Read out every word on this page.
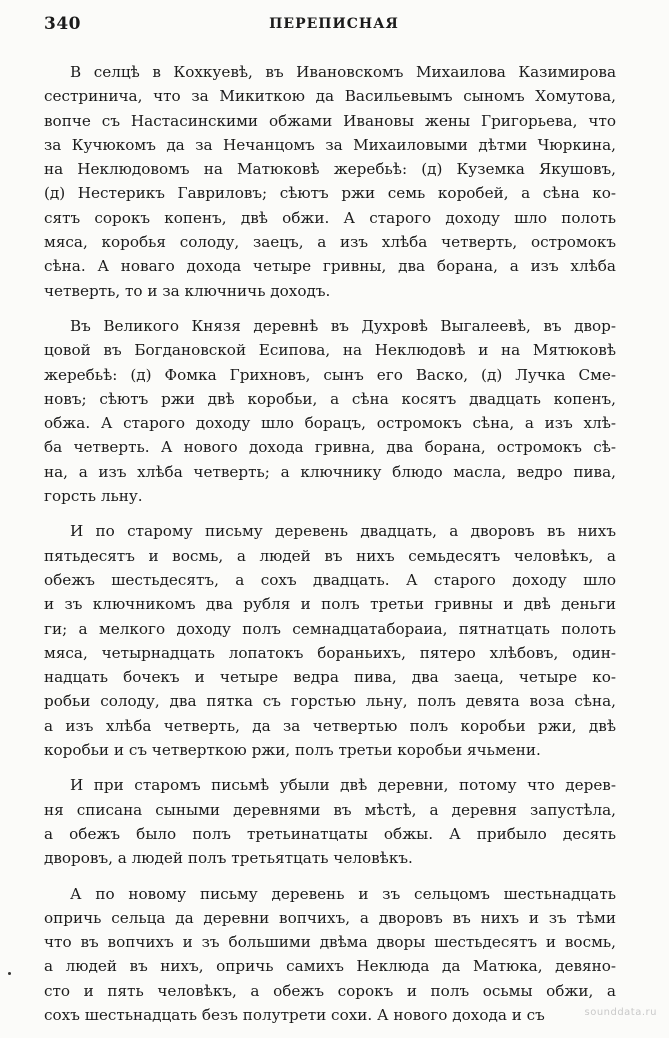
340	ПЕРЕПИСНАЯ
В селцѣ в Кохкуевѣ, въ Ивановскомъ Михаилова Казимирова
сестринича, что за Микиткою да Васильевымъ сыномъ Хомутова,
вопче съ Настасинскими обжами Ивановы жены Григорьева, что
за Кучюкомъ да за Нечанцомъ за Михаиловыми дѣтми Чюркина,
на Неклюдовомъ на Матюковѣ жеребьѣ: (д) Куземка Якушовъ,
(д) Нестерикъ Гавриловъ; сѣютъ ржи семь коробей, а сѣна ко-
сятъ сорокъ копенъ, двѣ обжи. А старого доходу шло полоть
мяса, коробья солоду, заецъ, а изъ хлѣба четверть, остромокъ
сѣна. А новаго дохода четыре гривны, два борана, а изъ хлѣба
четверть, то и за ключничь доходъ.
Въ Великого Князя деревнѣ въ Духровѣ Выгалеевѣ, въ двор-
цовой въ Богдановской Есипова, на Неклюдовѣ и на Мятюковѣ
жеребьѣ: (д) Фомка Грихновъ, сынъ его Васко, (д) Лучка Сме-
новъ; сѣютъ ржи двѣ коробьи, а сѣна косятъ двадцать копенъ,
обжа. А старого доходу шло борацъ, остромокъ сѣна, а изъ хлѣ-
ба четверть. А нового дохода гривна, два борана, остромокъ сѣ-
на, а изъ хлѣба четверть; а ключнику блюдо масла, ведро пива,
горсть льну.
И по старому письму деревень двадцать, а дворовъ въ нихъ
пятьдесятъ и восмь, а людей въ нихъ семьдесятъ человѣкъ, а
обежъ шестьдесятъ, а сохъ двадцать. А старого доходу шло
и зъ ключникомъ два рубля и полъ третьи гривны и двѣ деньги
ги; а мелкого доходу полъ семнадцатабораиа, пятнатцать полоть
мяса, четырнадцать лопатокъ бораньихъ, пятеро хлѣбовъ, один-
надцать бочекъ и четыре ведра пива, два заеца, четыре ко-
робьи солоду, два пятка съ горстью льну, полъ девята воза сѣна,
а изъ хлѣба четверть, да за четвертью полъ коробьи ржи, двѣ
коробьи и съ четверткою ржи, полъ третьи коробьи ячьмени.
И при старомъ письмѣ убыли двѣ деревни, потому что дерев-
ня списана сыными деревнями въ мѣстѣ, а деревня запустѣла,
а обежъ было полъ третьинатцаты обжы. А прибыло десять
дворовъ, а людей полъ третьятцать человѣкъ.
А по новому письму деревень и зъ сельцомъ шестьнадцать
опричь сельца да деревни вопчихъ, а дворовъ въ нихъ и зъ тѣми
что въ вопчихъ и зъ большими двѣма дворы шестьдесятъ и восмь,
а людей въ нихъ, опричь самихъ Неклюда да Матюка, девяно-
сто и пять человѣкъ, а обежъ сорокъ и полъ осьмы обжи, а
сохъ шестьнадцать безъ полутрети сохи. А нового дохода и съ	sounddata.ru
